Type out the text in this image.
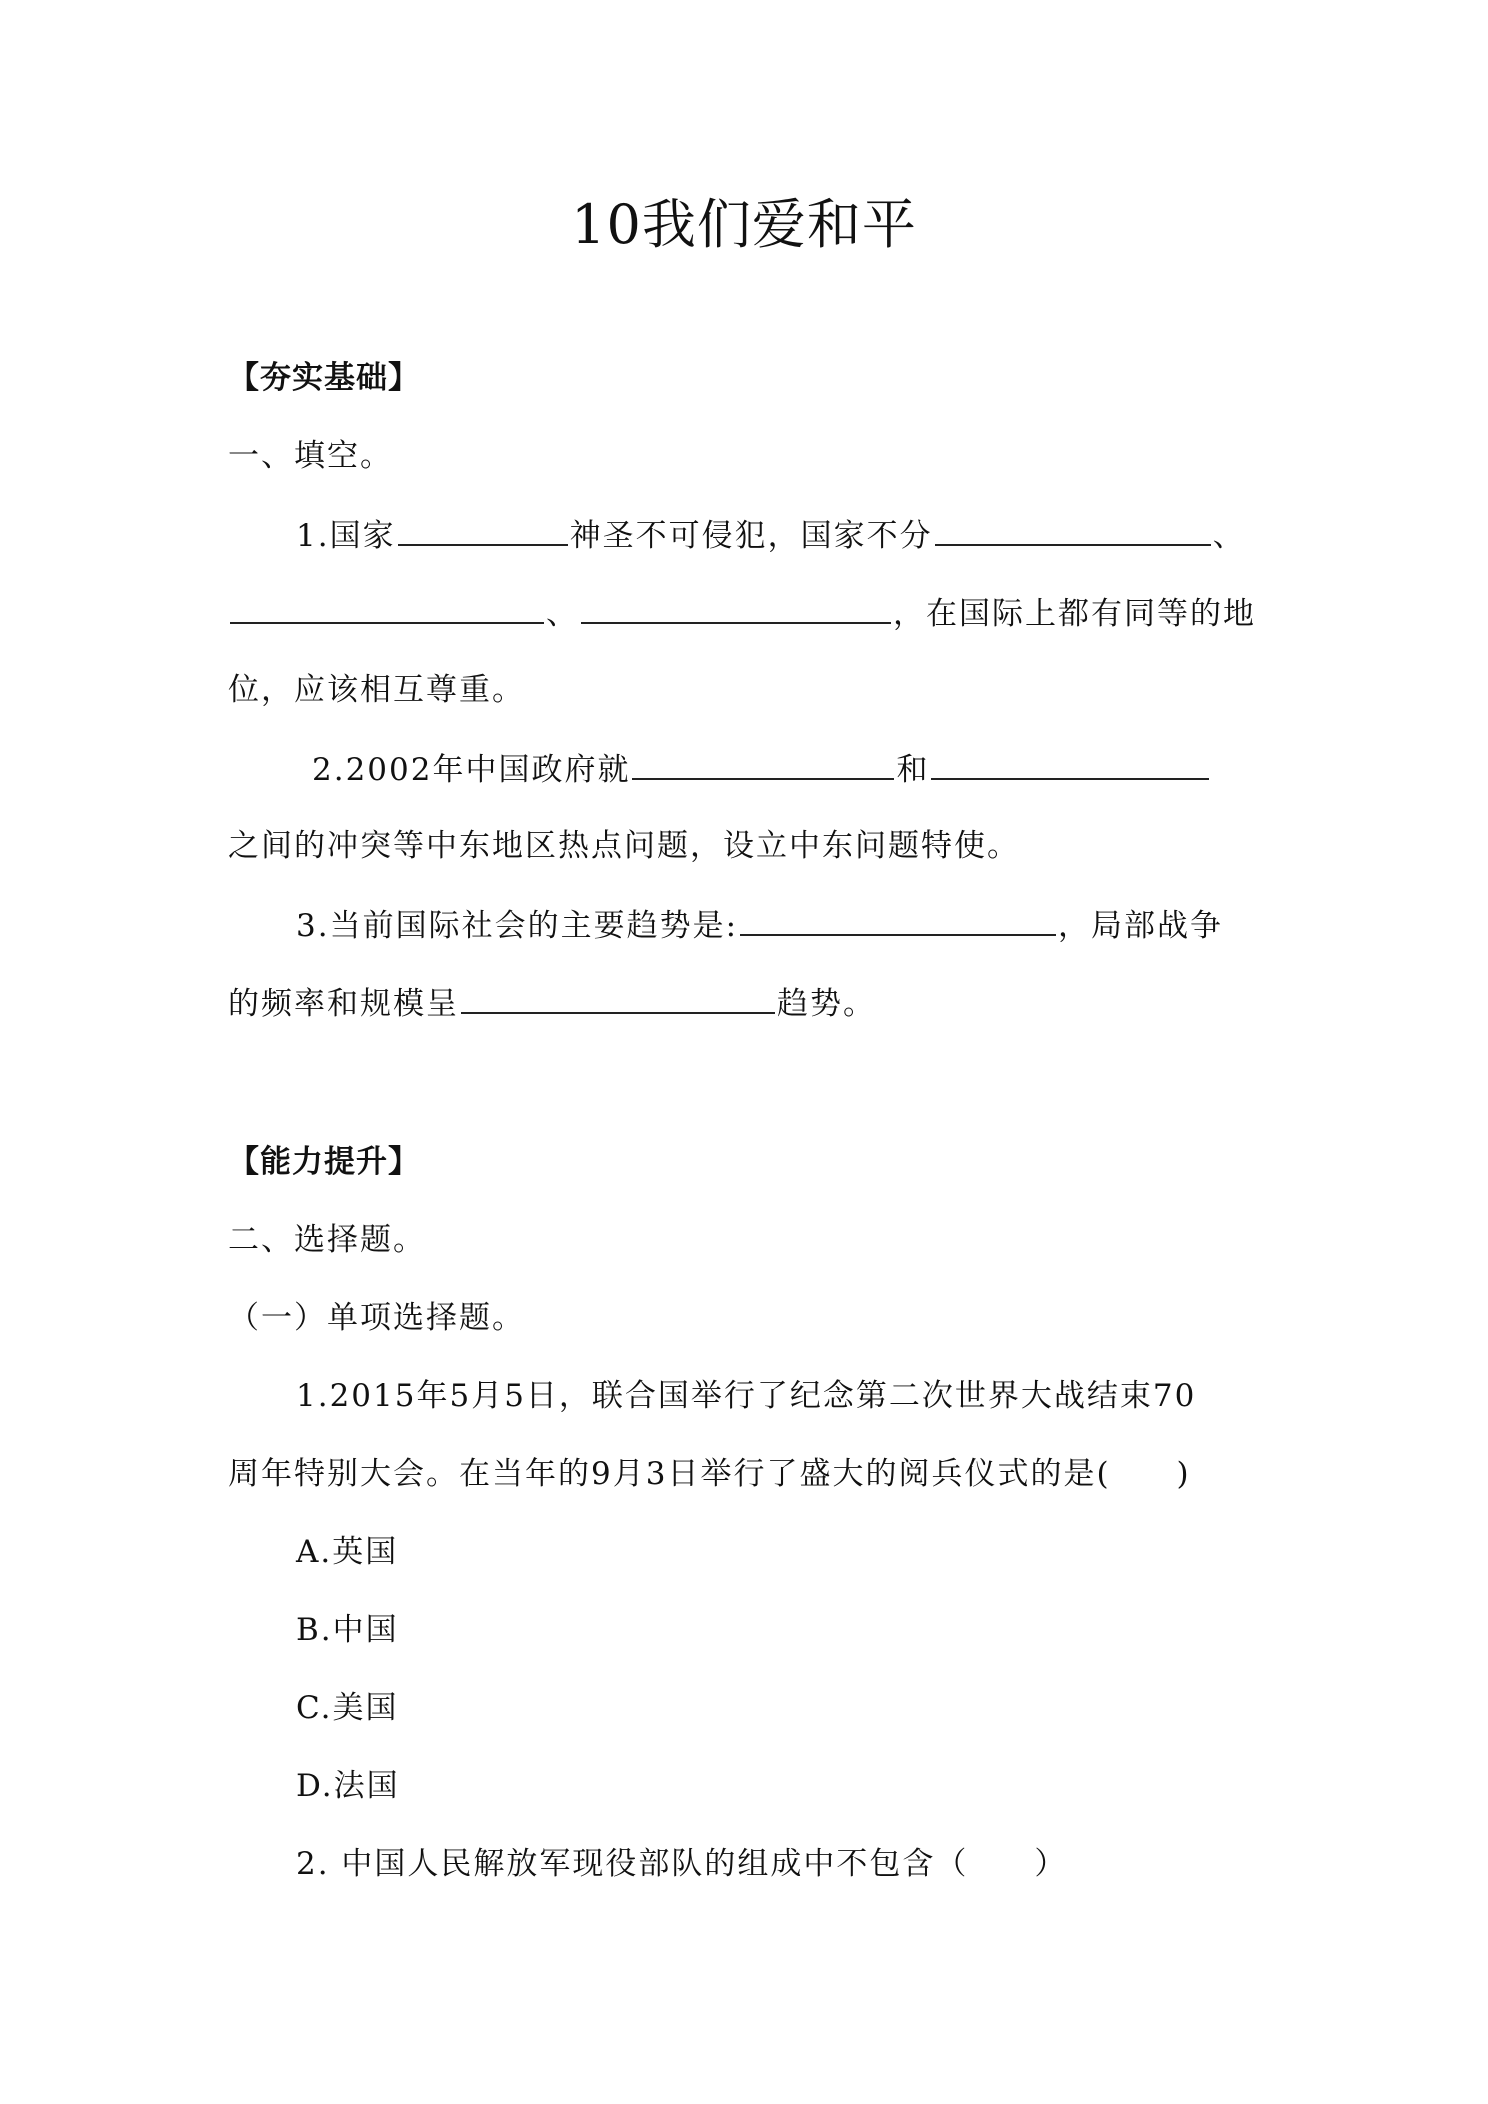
10我们爱和平
【夯实基础】
一、填空。
1.国家	神圣不可侵犯，国家不分	、
、	，在国际上都有同等的地
位，应该相互尊重。
2.2002年中国政府就	和
之间的冲突等中东地区热点问题，设立中东问题特使。
3.当前国际社会的主要趋势是:	，局部战争
的频率和规模呈	趋势。
【能力提升】
二、选择题。
（一）单项选择题。
1.2015年5月5日，联合国举行了纪念第二次世界大战结束70
周年特别大会。在当年的9月3日举行了盛大的阅兵仪式的是(　　)
A.英国
B.中国
C.美国
D.法国
2. 中国人民解放军现役部队的组成中不包含（　　）
